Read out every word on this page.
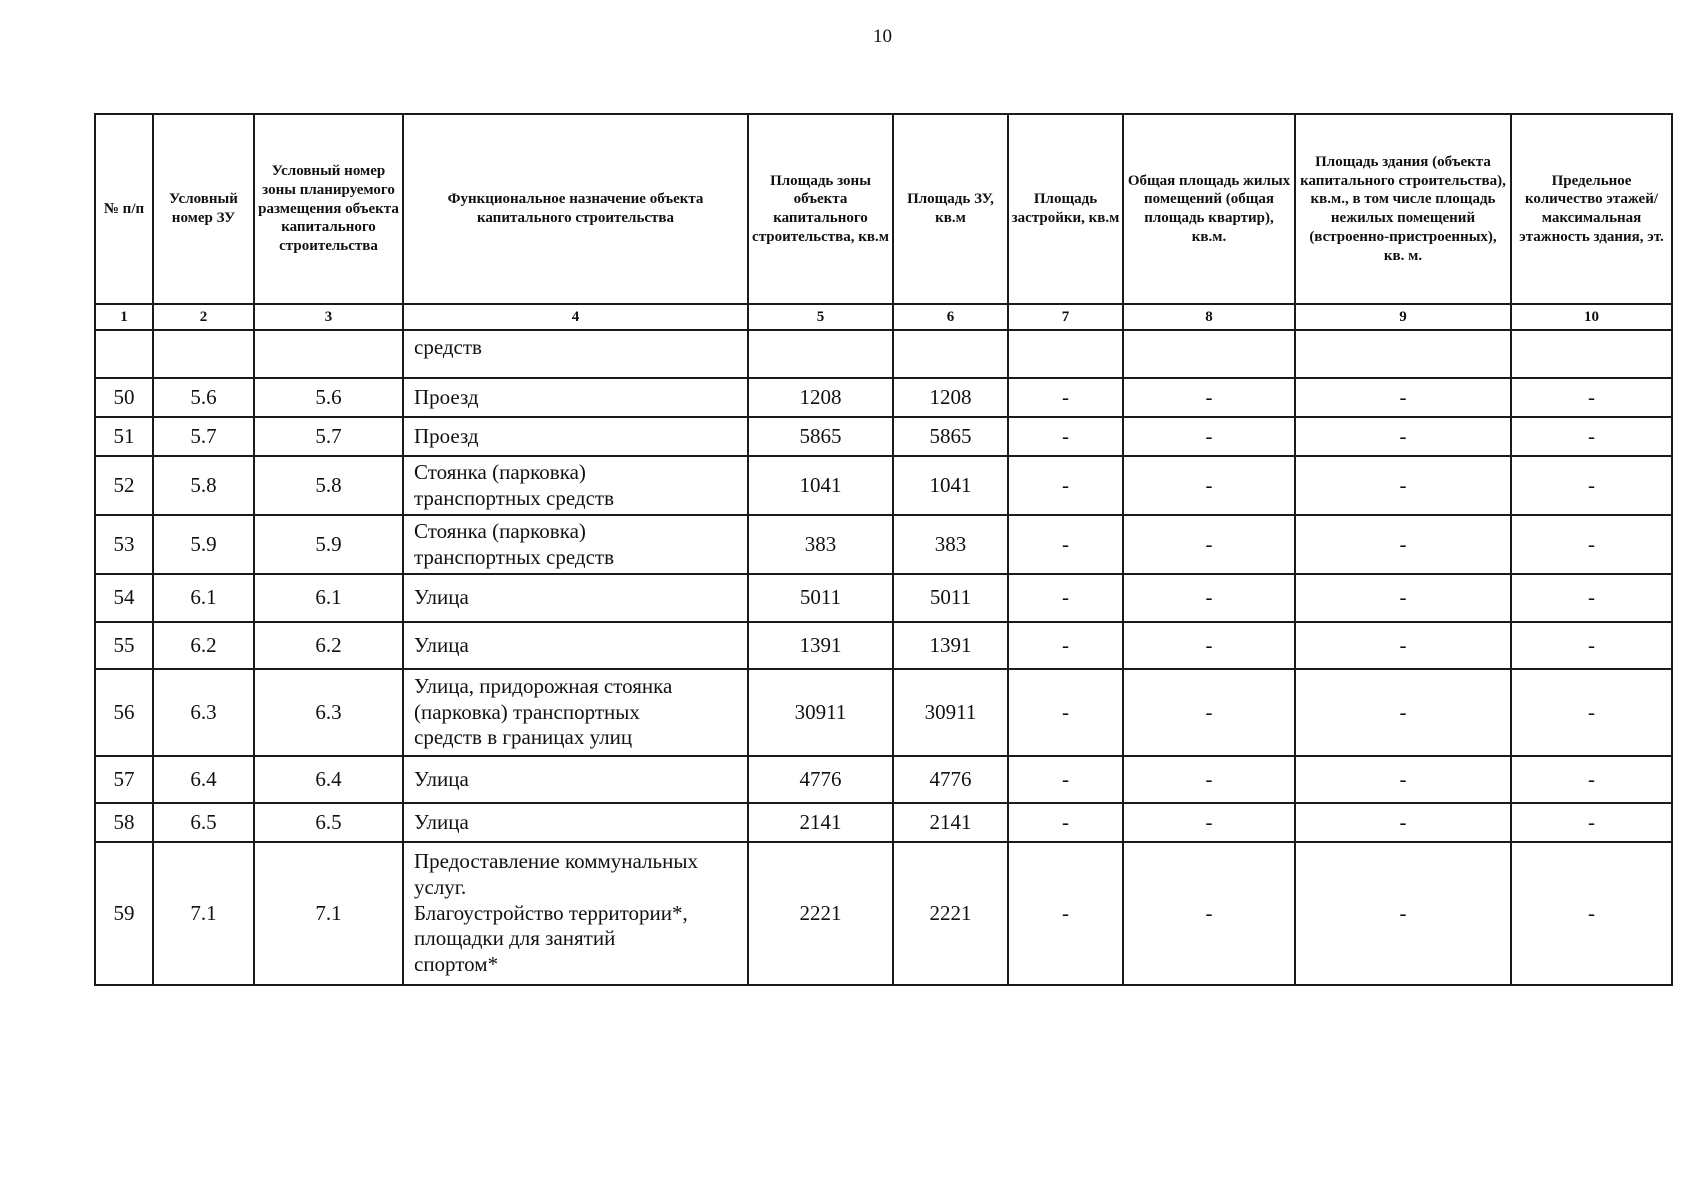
10
№ п/п	Условный номер ЗУ	Условный номер зоны планируемого размещения объекта капитального строительства	Функциональное назначение объекта капитального строительства	Площадь зоны объекта капитального строительства, кв.м	Площадь ЗУ, кв.м	Площадь застройки, кв.м	Общая площадь жилых помещений (общая площадь квартир), кв.м.	Площадь здания (объекта капитального строительства), кв.м., в том числе площадь нежилых помещений (встроенно-пристроенных), кв. м.	Предельное количество этажей/ максимальная этажность здания, эт.
1	2	3	4	5	6	7	8	9	10

			средств						

50	5.6	5.6	Проезд	1208	1208	-	-	-	-
51	5.7	5.7	Проезд	5865	5865	-	-	-	-
52	5.8	5.8	Стоянка (парковка)
транспортных средств	1041	1041	-	-	-	-
53	5.9	5.9	Стоянка (парковка)
транспортных средств	383	383	-	-	-	-
54	6.1	6.1	Улица	5011	5011	-	-	-	-
55	6.2	6.2	Улица	1391	1391	-	-	-	-
56	6.3	6.3	Улица, придорожная стоянка
(парковка) транспортных
средств в границах улиц	30911	30911	-	-	-	-
57	6.4	6.4	Улица	4776	4776	-	-	-	-
58	6.5	6.5	Улица	2141	2141	-	-	-	-
59	7.1	7.1	Предоставление коммунальных
услуг.
Благоустройство территории*,
площадки для занятий
спортом*	2221	2221	-	-	-	-
